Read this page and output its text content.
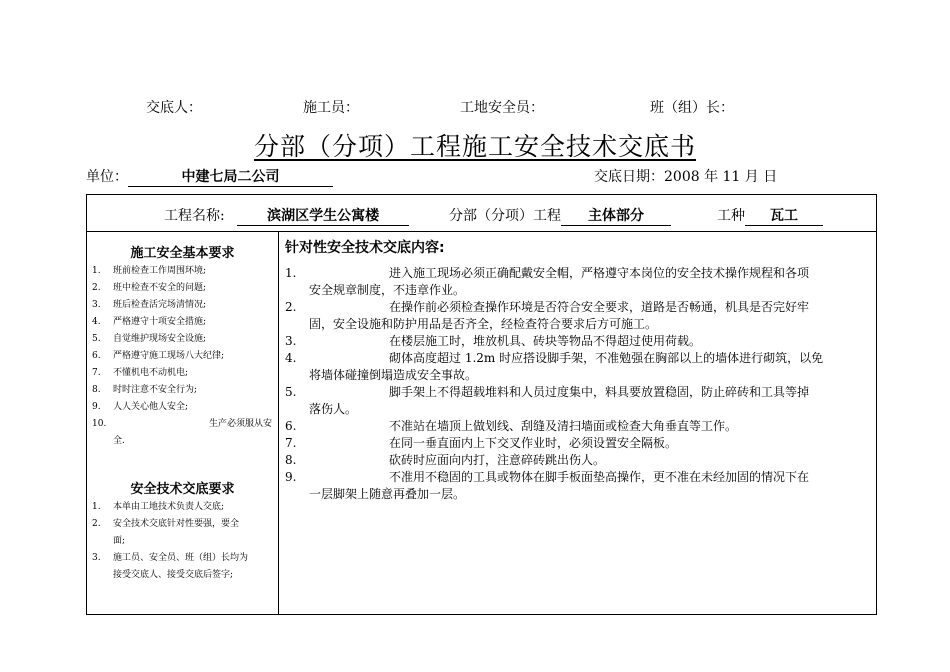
交底人：	施工员：	工地安全员：	班（组）长：
分部（分项）工程施工安全技术交底书
单位：	中建七局二公司	交底日期：2008 年 11 月 日
工程名称:	滨湖区学生公寓楼	分部（分项）工程 主体部分	工种 瓦工
施工安全基本要求
1.	班前检查工作周围环境;
2.	班中检查不安全的问题;
3.	班后检查活完场清情况;
4.	严格遵守十项安全措施;
5.	自觉维护现场安全设施;
6.	严格遵守施工现场八大纪律;
7.	不懂机电不动机电;
8.	时时注意不安全行为;
9.	人人关心他人安全;
10.	生产必须服从安
全.
安全技术交底要求
1.	本单由工地技术负责人交底;
2.	安全技术交底针对性要强，要全
面;
3.	施工员、安全员、班（组）长均为
接受交底人、接受交底后签字;
针对性安全技术交底内容:
1.	进入施工现场必须正确配戴安全帽，严格遵守本岗位的安全技术操作规程和各项
安全规章制度，不违章作业。
2.	在操作前必须检查操作环境是否符合安全要求，道路是否畅通，机具是否完好牢
固，安全设施和防护用品是否齐全，经检查符合要求后方可施工。
3.	在楼层施工时，堆放机具、砖块等物品不得超过使用荷载。
4.	砌体高度超过 1.2m 时应搭设脚手架，不准勉强在胸部以上的墙体进行砌筑，以免
将墙体碰撞倒塌造成安全事故。
5.	脚手架上不得超载堆料和人员过度集中，料具要放置稳固，防止碎砖和工具等掉
落伤人。
6.	不准站在墙顶上做划线、刮缝及清扫墙面或检查大角垂直等工作。
7.	在同一垂直面内上下交叉作业时，必须设置安全隔板。
8.	砍砖时应面向内打，注意碎砖跳出伤人。
9.	不准用不稳固的工具或物体在脚手板面垫高操作，更不准在未经加固的情况下在
一层脚架上随意再叠加一层。
